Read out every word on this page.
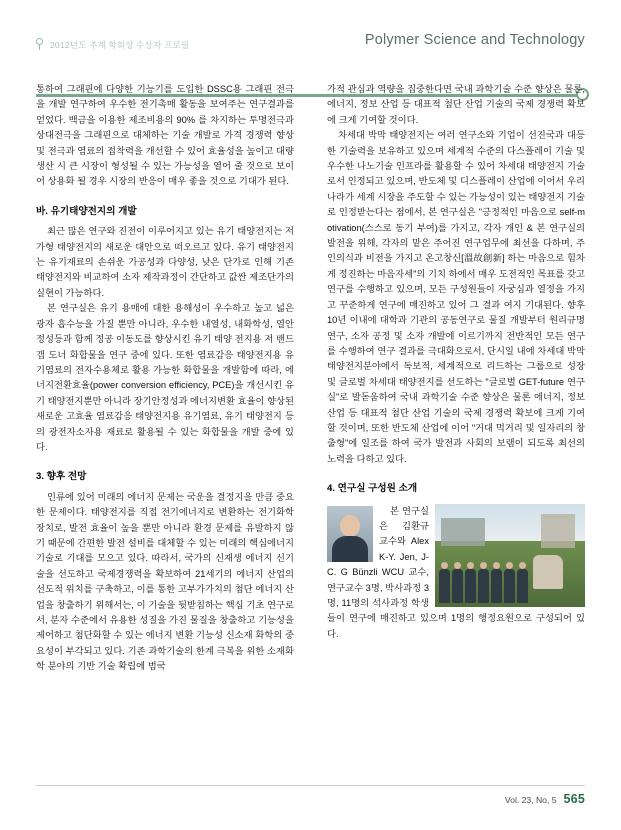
2012년도 추계 학회상 수상자 프로필	Polymer Science and Technology

통하여 그래핀에 다양한 기능기를 도입한 DSSC용 그래핀 전극을 개발 연구하여 우수한 전기촉매 활동을 보여주는 연구결과를 얻었다. 백금을 이용한 제조비용의 90% 를 차지하는 투명전극과 상대전극을 그래핀으로 대체하는 기술 개발로 가격 경쟁력 향상 및 전극과 염료의 접착력을 개선할 수 있어 효율성을 높이고 대량 생산 시 큰 시장이 형성될 수 있는 가능성을 열어 줄 것으로 보이어 상용화 될 경우 시장의 반응이 매우 좋을 것으로 기대가 된다.

바. 유기태양전지의 개발

최근 많은 연구와 진전이 이루어지고 있는 유기 태양전지는 저가형 태양전지의 새로운 대안으로 떠오르고 있다. 유기 태양전지는 유기재료의 손쉬운 가공성과 다양성, 낮은 단가로 인해 기존 태양전지와 비교하여 소자 제작과정이 간단하고 값싼 제조단가의 실현이 가능하다.

본 연구실은 유기 용매에 대한 용해성이 우수하고 높고 넓은 광자 흡수능을 가질 뿐만 아니라, 우수한 내열성, 내화학성, 열안정성등과 함께 정공 이동도를 향상시킨 유기 태양 전지용 저 밴드갭 도너 화합물을 연구 중에 있다. 또한 염료감응 태양전지용 유기염료의 전자수용체로 활용 가능한 화합물을 개발함에 따라, 에너지전환효율(power conversion efficiency, PCE)을 개선시킨 유기 태양전지뿐만 아니라 장기안정성과 에너지변환 효율이 향상된 새로운 고효율 염료감응 태양전지용 유기염료, 유기 태양전지 등의 광전자소자용 재료로 활용될 수 있는 화합물을 개발 중에 있다.

3. 향후 전망

인류에 있어 미래의 에너지 문제는 국운을 결정지을 만큼 중요한 문제이다. 태양전지를 직접 전기에너지로 변환하는 전기화학 장치로, 발전 효율이 높을 뿐만 아니라 환경 문제를 유발하지 않기 때문에 간편한 발전 설비를 대체할 수 있는 미래의 핵심에너지 기술로 기대를 모으고 있다. 따라서, 국가의 신재생 에너지 신기술을 선도하고 국제경쟁력을 확보하여 21세기의 에너지 산업의 선도적 위치를 구축하고, 이를 통한 고부가가치의 첨단 에너지 산업을 창출하기 위해서는, 이 기술을 뒷받침하는 핵심 기초 연구로서, 분자 수준에서 유용한 성질을 가진 물질을 창출하고 기능성을 제어하고 첨단화할 수 있는 에너지 변환 기능성 신소재 화학의 중요성이 부각되고 있다. 기존 과학기술의 한계 극복을 위한 소재화학 분야의 기반 기술 확립에 범국

가적 관심과 역량을 집중한다면 국내 과학기술 수준 향상은 물론, 에너지, 정보 산업 등 대표적 첨단 산업 기술의 국제 경쟁력 확보에 크게 기여할 것이다.

차세대 박막 태양전지는 여러 연구소와 기업이 선진국과 대등한 기술력을 보유하고 있으며 세계적 수준의 다스플레이 기술 및 우수한 나노기술 인프라를 활용할 수 있어 차세대 태양전지 기술로서 인정되고 있으며, 반도체 및 디스플레이 산업에 이어서 우리나라가 세계 시장을 주도할 수 있는 가능성이 있는 태양전지 기술로 인정받는다는 점에서, 본 연구실은 "긍정적인 마음으로 self-motivation(스스로 동기 부여)를 가지고, 각자 개인 & 본 연구실의 발전을 위해, 각자의 맡은 주어진 연구업무에 최선을 다하며, 주인의식과 비전을 가지고 온고창신[溫故創新] 하는 마음으로 힘차게 정진하는 마음자세"의 기치 하에서 매우 도전적인 목표를 갖고 연구를 수행하고 있으며, 모든 구성원들이 자궁심과 열정을 가지고 꾸준하게 연구에 매진하고 있어 그 결과 여지 기대된다. 향후 10년 이내에 대학과 기관의 공동연구로 물질 개발부터 원리규명 연구, 소자 공정 및 소자 개발에 이르기까지 전반적인 모든 연구를 수행하여 연구 결과를 극대화으로서, 단시일 내에 차세대 박막 태양전지분야에서 독보적, 세계적으로 리드하는 그룹으로 성장 및 글로벌 차세대 태양전지를 선도하는 "글로벌 GET-future 연구실"로 발돋움하여 국내 과학기술 수준 향상은 물론 에너지, 정보 산업 등 대표적 첨단 산업 기술의 국제 경쟁력 확보에 크게 기여할 것이며, 또한 반도체 산업에 이어 "거대 먹거리 및 일자리의 창출형"에 일조를 하여 국가 발전과 사회의 보램이 되도록 최선의 노력을 다하고 있다.

4. 연구실 구성원 소개

본 연구실은 김환규 교수와 Alex K-Y. Jen, J-C. G Bünzli WCU 교수, 연구교수 3명, 박사과정 3명, 11명의 석사과정 학생들이 연구에 매진하고 있으며 1명의 행정요원으로 구성되어 있다.

Vol. 23, No, 5 565
